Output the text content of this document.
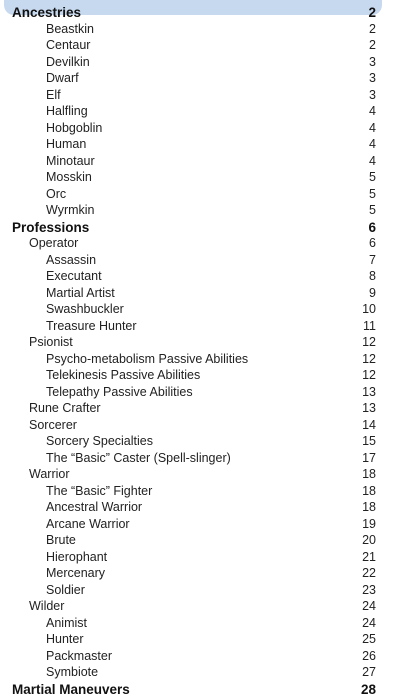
Ancestries	2
Beastkin	2
Centaur	2
Devilkin	3
Dwarf	3
Elf	3
Halfling	4
Hobgoblin	4
Human	4
Minotaur	4
Mosskin	5
Orc	5
Wyrmkin	5
Professions	6
Operator	6
Assassin	7
Executant	8
Martial Artist	9
Swashbuckler	10
Treasure Hunter	11
Psionist	12
Psycho-metabolism Passive Abilities	12
Telekinesis Passive Abilities	12
Telepathy Passive Abilities	13
Rune Crafter	13
Sorcerer	14
Sorcery Specialties	15
The “Basic” Caster (Spell-slinger)	17
Warrior	18
The “Basic” Fighter	18
Ancestral Warrior	18
Arcane Warrior	19
Brute	20
Hierophant	21
Mercenary	22
Soldier	23
Wilder	24
Animist	24
Hunter	25
Packmaster	26
Symbiote	27
Martial Maneuvers	28
